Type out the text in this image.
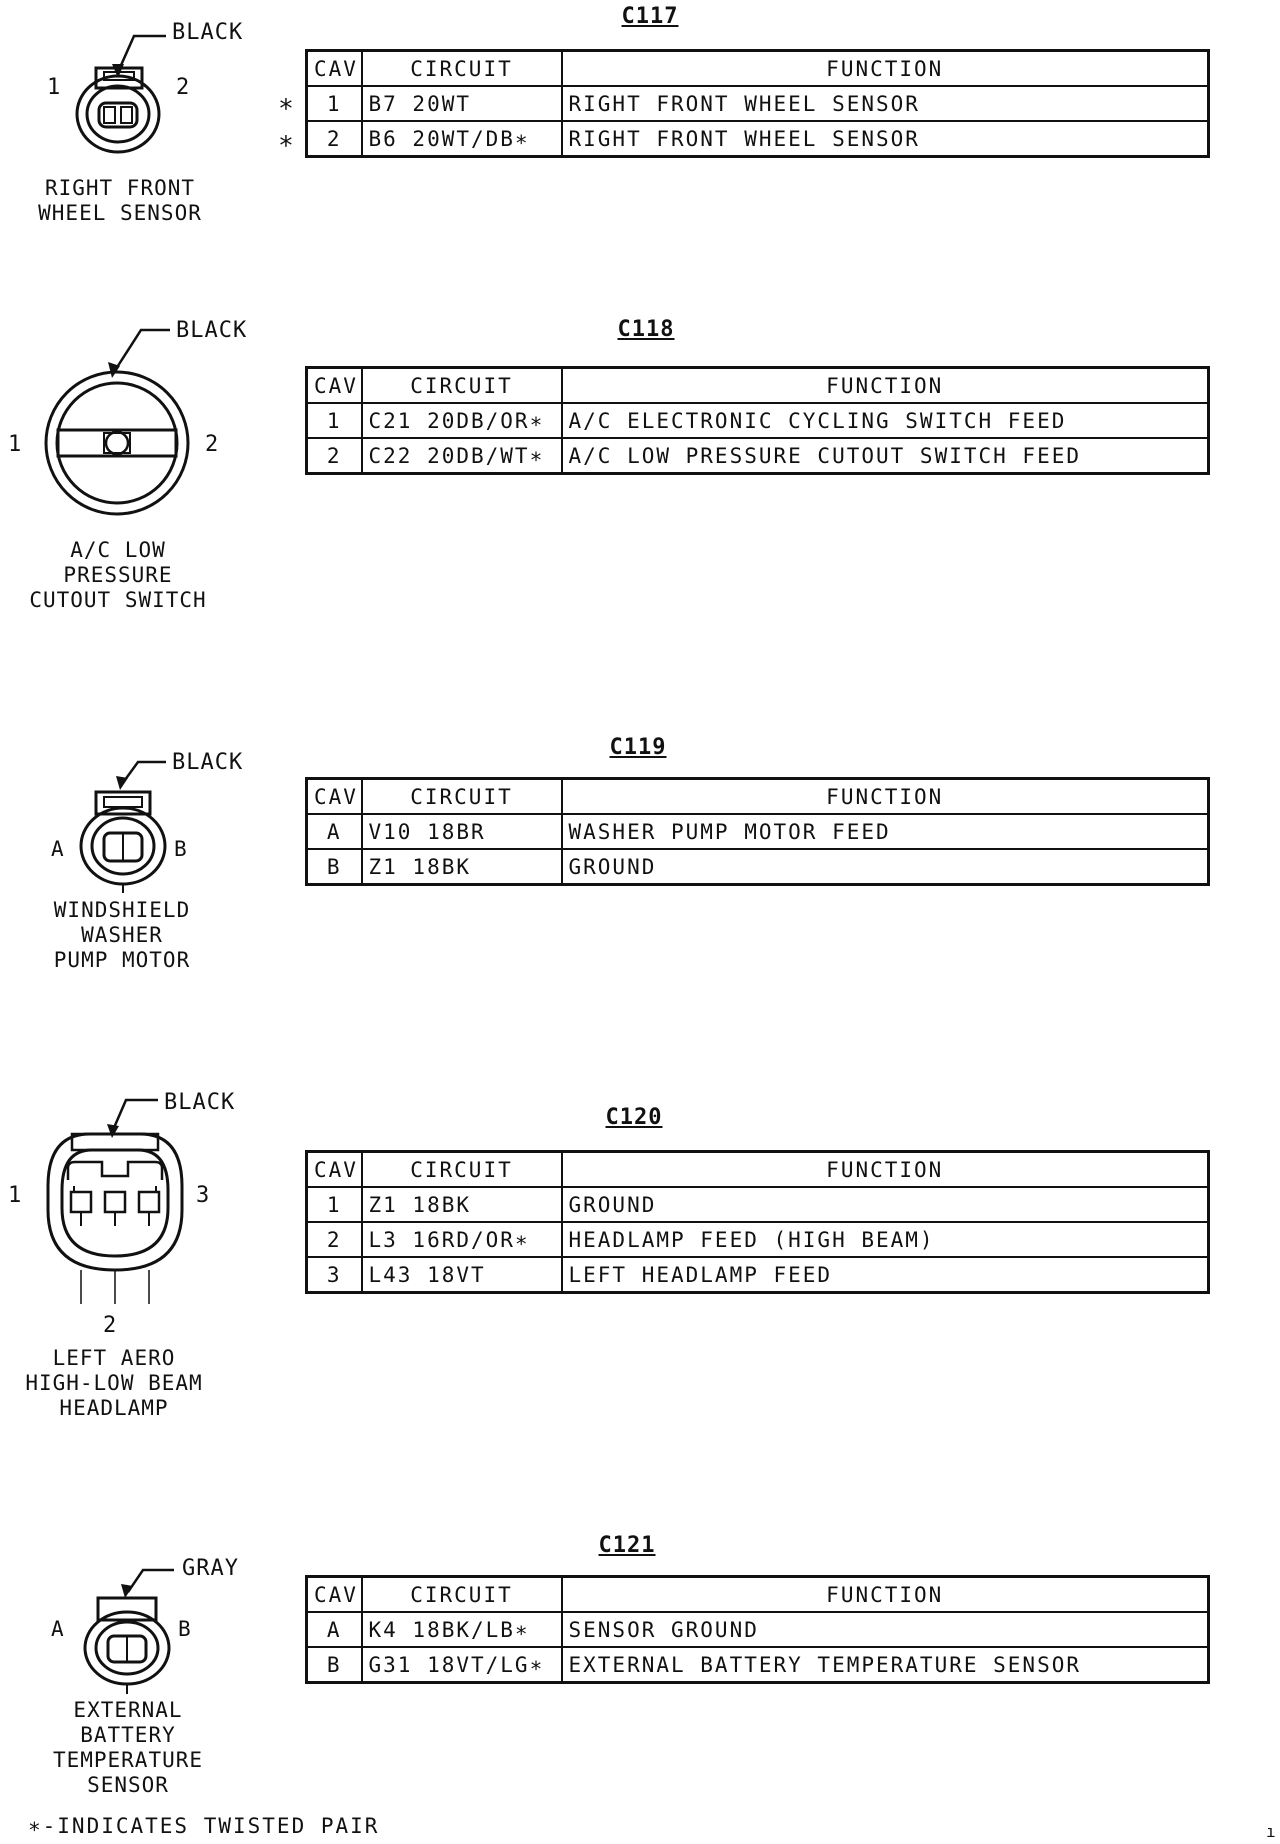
1	2
BLACK
RIGHT FRONT
WHEEL SENSOR
C117
∗
∗
CAV	CIRCUIT	FUNCTION
1	B7 20WT	RIGHT FRONT WHEEL SENSOR
2	B6 20WT/DB∗	RIGHT FRONT WHEEL SENSOR
1	2
BLACK
A/C LOW
PRESSURE
CUTOUT SWITCH
C118
CAV	CIRCUIT	FUNCTION
1	C21 20DB/OR∗	A/C ELECTRONIC CYCLING SWITCH FEED
2	C22 20DB/WT∗	A/C LOW PRESSURE CUTOUT SWITCH FEED
A	B
BLACK
WINDSHIELD
WASHER
PUMP MOTOR
C119
CAV	CIRCUIT	FUNCTION
A	V10 18BR	WASHER PUMP MOTOR FEED
B	Z1 18BK	GROUND
1	3
2
BLACK
LEFT AERO
HIGH-LOW BEAM
HEADLAMP
C120
CAV	CIRCUIT	FUNCTION
1	Z1 18BK	GROUND
2	L3 16RD/OR∗	HEADLAMP FEED (HIGH BEAM)
3	L43 18VT	LEFT HEADLAMP FEED
A	B
GRAY
EXTERNAL
BATTERY
TEMPERATURE
SENSOR
C121
CAV	CIRCUIT	FUNCTION
A	K4 18BK/LB∗	SENSOR GROUND
B	G31 18VT/LG∗	EXTERNAL BATTERY TEMPERATURE SENSOR
∗-INDICATES TWISTED PAIR	ı
